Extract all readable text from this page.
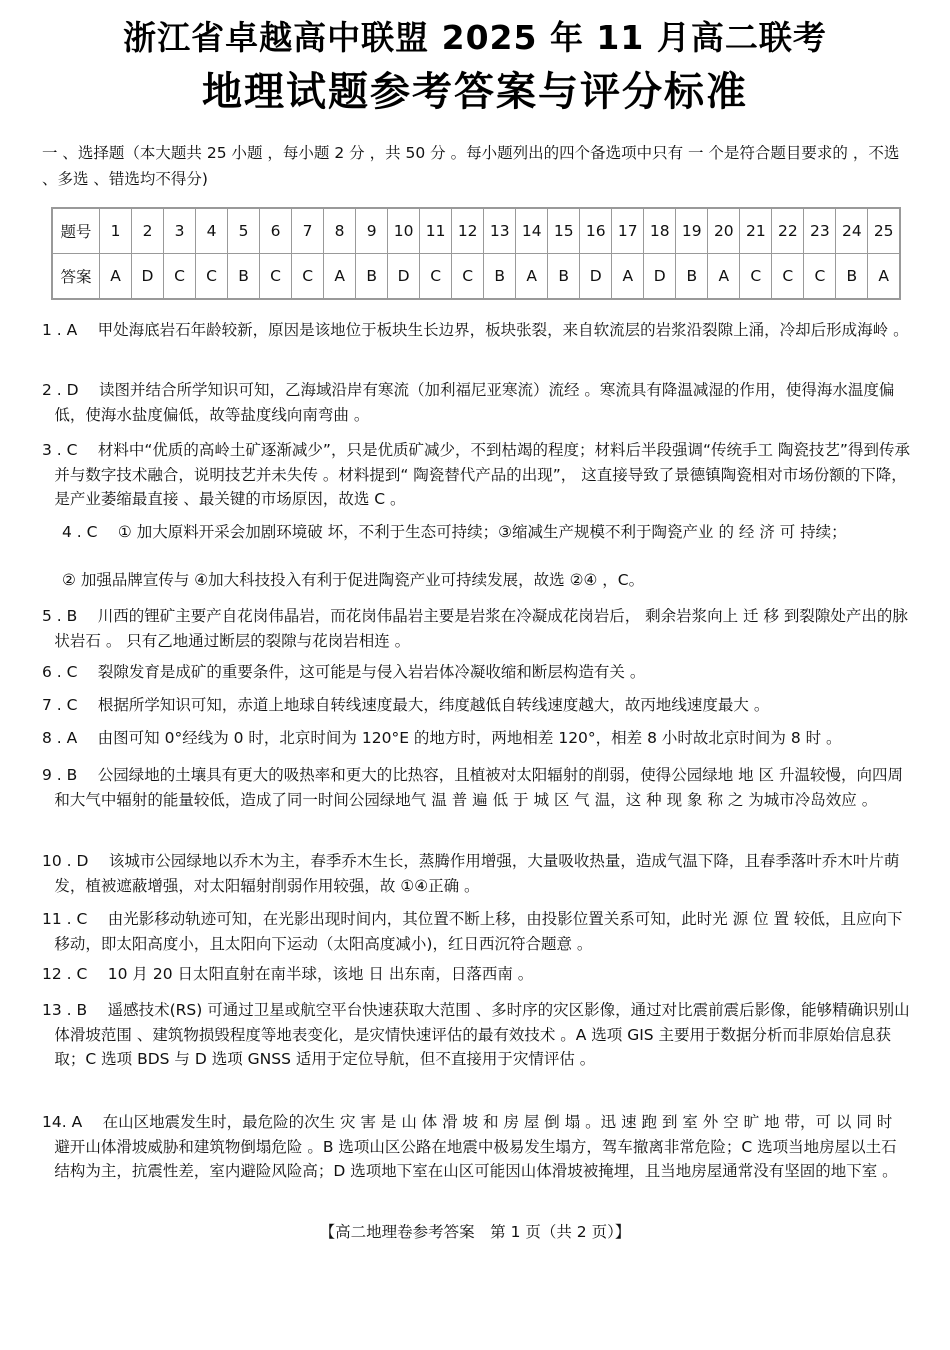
浙江省卓越高中联盟 2025 年 11 月高二联考
地理试题参考答案与评分标准
一 、选择题（本大题共 25 小题 ，每小题 2 分 ，共 50 分 。每小题列出的四个备选项中只有 一 个是符合题目要求的 ，不选 、多选 、错选均不得分)
题号	1	2	3	4	5	6	7	8	9	10	11	12	13	14	15	16	17	18	19	20	21	22	23	24	25
答案	A	D	C	C	B	C	C	A	B	D	C	C	B	A	B	D	A	D	B	A	C	C	C	B	A
1 . A　 甲处海底岩石年龄较新，原因是该地位于板块生长边界，板块张裂，来自软流层的岩浆沿裂隙上涌，冷却后形成海岭 。
2 . D　 读图并结合所学知识可知，乙海域沿岸有寒流（加利福尼亚寒流）流经 。寒流具有降温减湿的作用，使得海水温度偏低，使海水盐度偏低，故等盐度线向南弯曲 。
3 . C　 材料中“优质的高岭土矿逐渐减少”，只是优质矿减少，不到枯竭的程度；材料后半段强调“传统手工 陶瓷技艺”得到传承并与数字技术融合，说明技艺并未失传 。材料提到“ 陶瓷替代产品的出现”， 这直接导致了景德镇陶瓷相对市场份额的下降，是产业萎缩最直接 、最关键的市场原因，故选 C 。
4 . C　 ① 加大原料开采会加剧环境破 坏，不利于生态可持续；③缩减生产规模不利于陶瓷产业 的 经 济 可 持续；
② 加强品牌宣传与 ④加大科技投入有利于促进陶瓷产业可持续发展，故选 ②④ ，C。
5 . B　 川西的锂矿主要产自花岗伟晶岩，而花岗伟晶岩主要是岩浆在冷凝成花岗岩后， 剩余岩浆向上 迁 移 到裂隙处产出的脉状岩石 。 只有乙地通过断层的裂隙与花岗岩相连 。
6 . C　 裂隙发育是成矿的重要条件，这可能是与侵入岩岩体冷凝收缩和断层构造有关 。
7 . C　 根据所学知识可知，赤道上地球自转线速度最大，纬度越低自转线速度越大，故丙地线速度最大 。
8 . A　 由图可知 0°经线为 0 时，北京时间为 120°E 的地方时，两地相差 120°，相差 8 小时故北京时间为 8 时 。
9 . B　 公园绿地的土壤具有更大的吸热率和更大的比热容，且植被对太阳辐射的削弱，使得公园绿地 地 区 升温较慢，向四周和大气中辐射的能量较低，造成了同一时间公园绿地气 温 普 遍 低 于 城 区 气 温，这 种 现 象 称 之 为城市冷岛效应 。
10 . D　 该城市公园绿地以乔木为主，春季乔木生长，蒸腾作用增强，大量吸收热量，造成气温下降，且春季落叶乔木叶片萌发，植被遮蔽增强，对太阳辐射削弱作用较强，故 ①④正确 。
11 . C　 由光影移动轨迹可知，在光影出现时间内，其位置不断上移，由投影位置关系可知，此时光 源 位 置 较低，且应向下移动，即太阳高度小，且太阳向下运动（太阳高度减小)，红日西沉符合题意 。
12 . C　 10 月 20 日太阳直射在南半球，该地 日 出东南，日落西南 。
13 . B　 遥感技术(RS) 可通过卫星或航空平台快速获取大范围 、多时序的灾区影像，通过对比震前震后影像，能够精确识别山体滑坡范围 、建筑物损毁程度等地表变化，是灾情快速评估的最有效技术 。A 选项 GIS 主要用于数据分析而非原始信息获取；C 选项 BDS 与 D 选项 GNSS 适用于定位导航，但不直接用于灾情评估 。
14. A　 在山区地震发生时，最危险的次生 灾 害 是 山 体 滑 坡 和 房 屋 倒 塌 。迅 速 跑 到 室 外 空 旷 地 带，可 以 同 时 避开山体滑坡威胁和建筑物倒塌危险 。B 选项山区公路在地震中极易发生塌方，驾车撤离非常危险；C 选项当地房屋以土石结构为主，抗震性差，室内避险风险高；D 选项地下室在山区可能因山体滑坡被掩埋，且当地房屋通常没有坚固的地下室 。
【高二地理卷参考答案　第 1 页（共 2 页）】
